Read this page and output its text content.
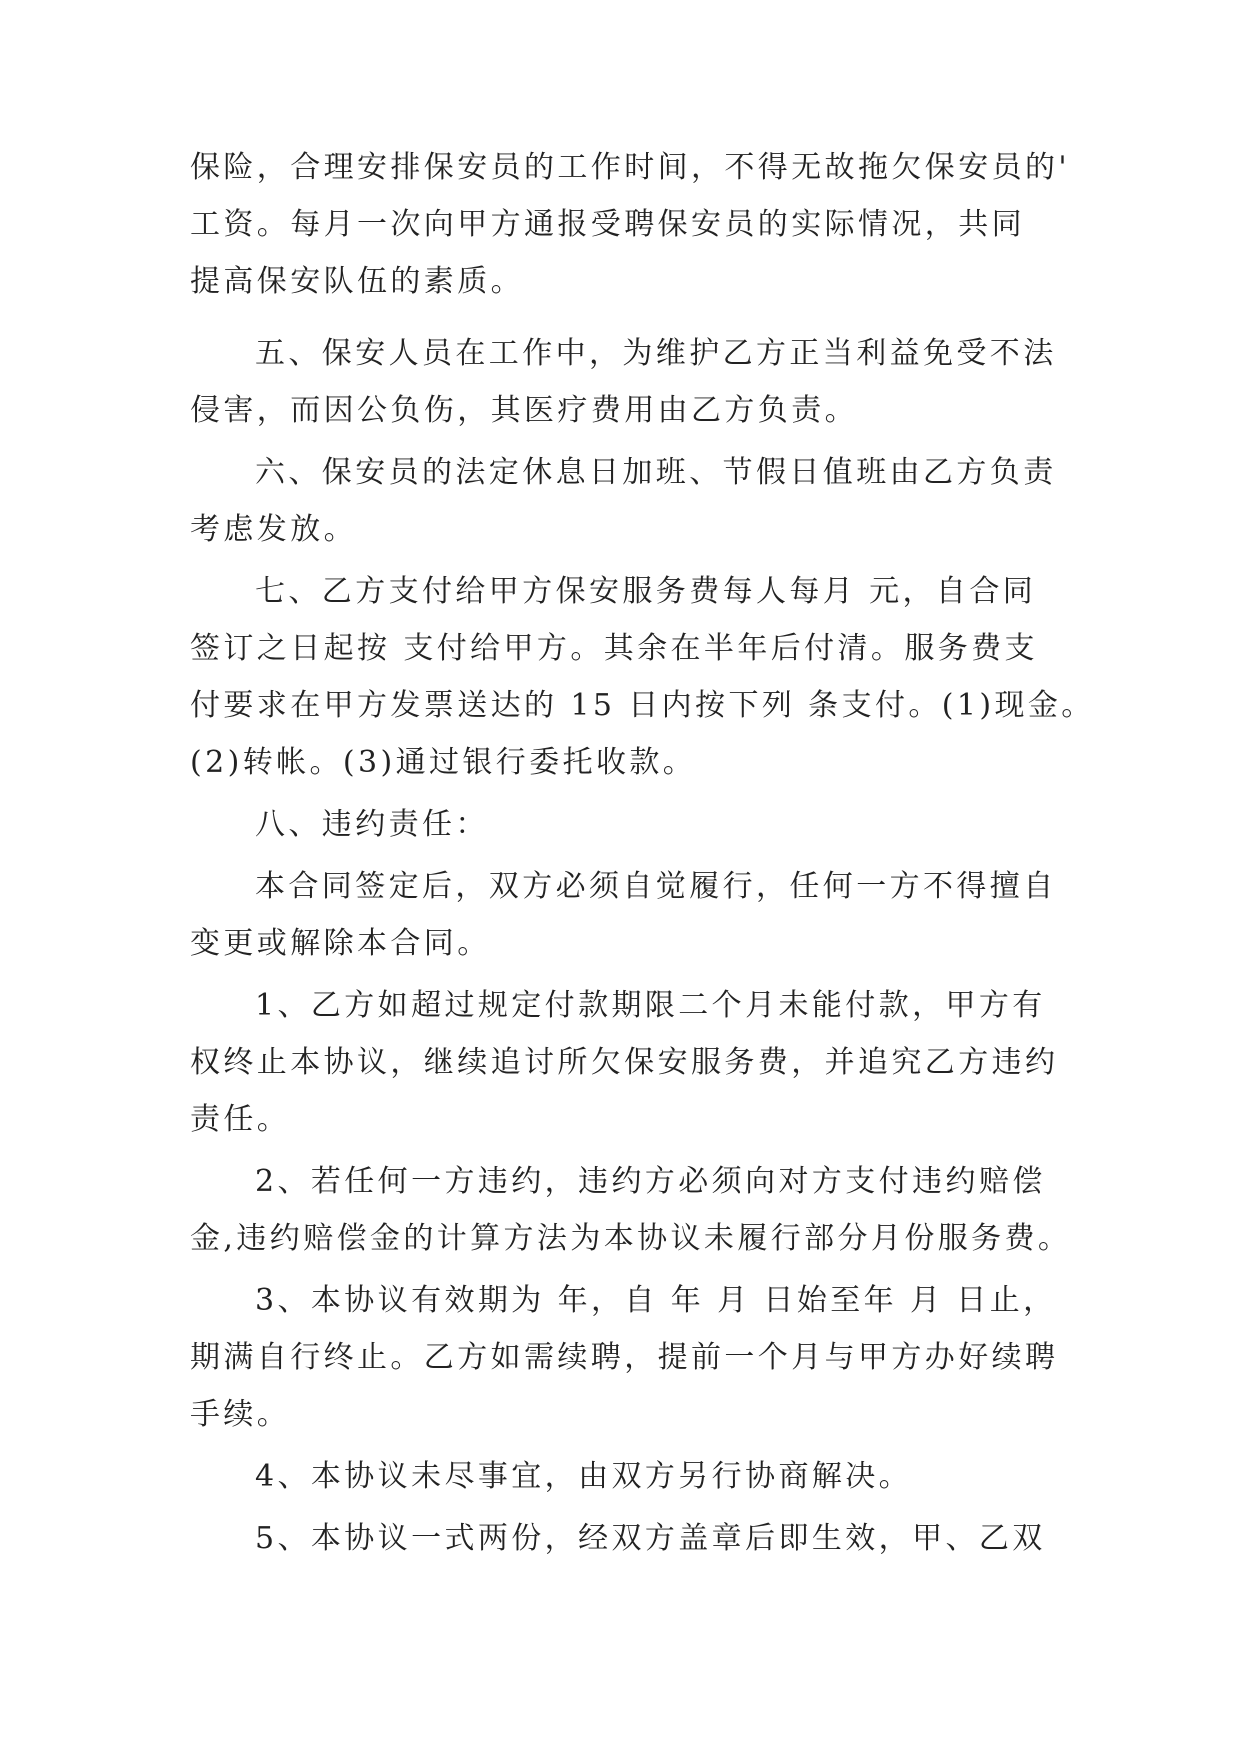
保险，合理安排保安员的工作时间，不得无故拖欠保安员的'
工资。每月一次向甲方通报受聘保安员的实际情况，共同
提高保安队伍的素质。
五、保安人员在工作中，为维护乙方正当利益免受不法
侵害，而因公负伤，其医疗费用由乙方负责。
六、保安员的法定休息日加班、节假日值班由乙方负责
考虑发放。
七、乙方支付给甲方保安服务费每人每月 元，自合同
签订之日起按 支付给甲方。其余在半年后付清。服务费支
付要求在甲方发票送达的 15 日内按下列 条支付。(1)现金。
(2)转帐。(3)通过银行委托收款。
八、违约责任：
本合同签定后，双方必须自觉履行，任何一方不得擅自
变更或解除本合同。
1、乙方如超过规定付款期限二个月未能付款，甲方有
权终止本协议，继续追讨所欠保安服务费，并追究乙方违约
责任。
2、若任何一方违约，违约方必须向对方支付违约赔偿
金,违约赔偿金的计算方法为本协议未履行部分月份服务费。
3、本协议有效期为 年，自 年 月 日始至年 月 日止，
期满自行终止。乙方如需续聘，提前一个月与甲方办好续聘
手续。
4、本协议未尽事宜，由双方另行协商解决。
5、本协议一式两份，经双方盖章后即生效，甲、乙双
